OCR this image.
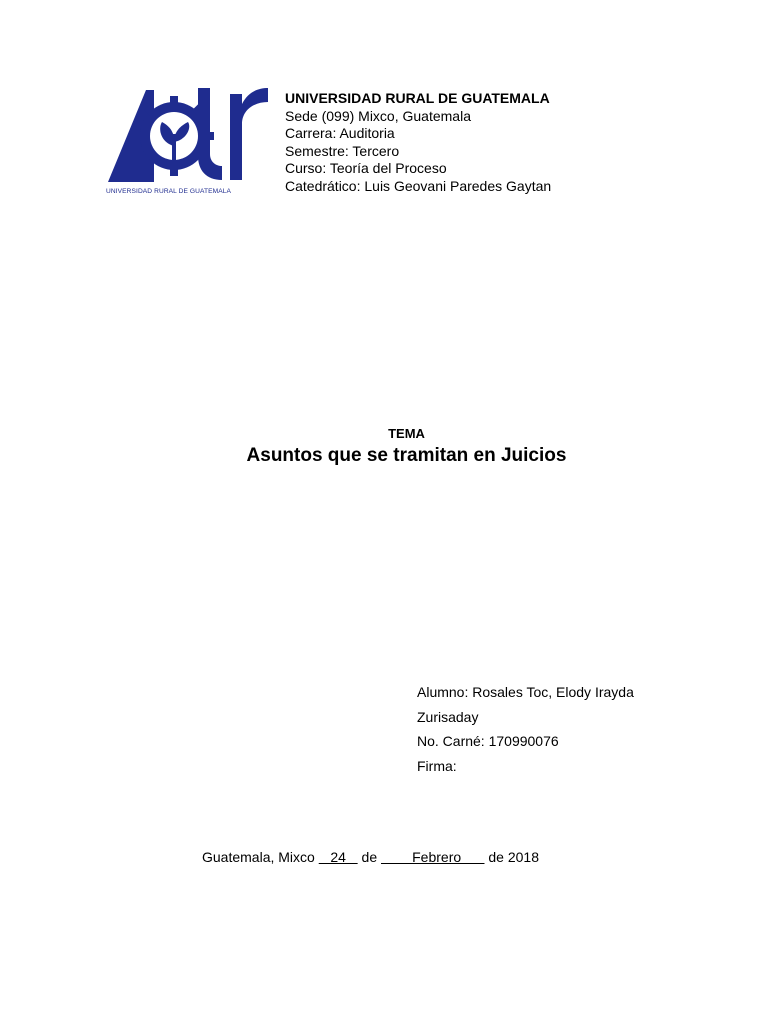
UNIVERSIDAD RURAL DE GUATEMALA
UNIVERSIDAD RURAL DE GUATEMALA
Sede (099) Mixco, Guatemala
Carrera: Auditoria
Semestre: Tercero
Curso: Teoría del Proceso
Catedrático: Luis Geovani Paredes Gaytan
TEMA
Asuntos que se tramitan en Juicios
Alumno: Rosales Toc, Elody Irayda
Zurisaday
No. Carné: 170990076
Firma:
Guatemala, Mixco    24    de         Febrero       de 2018
